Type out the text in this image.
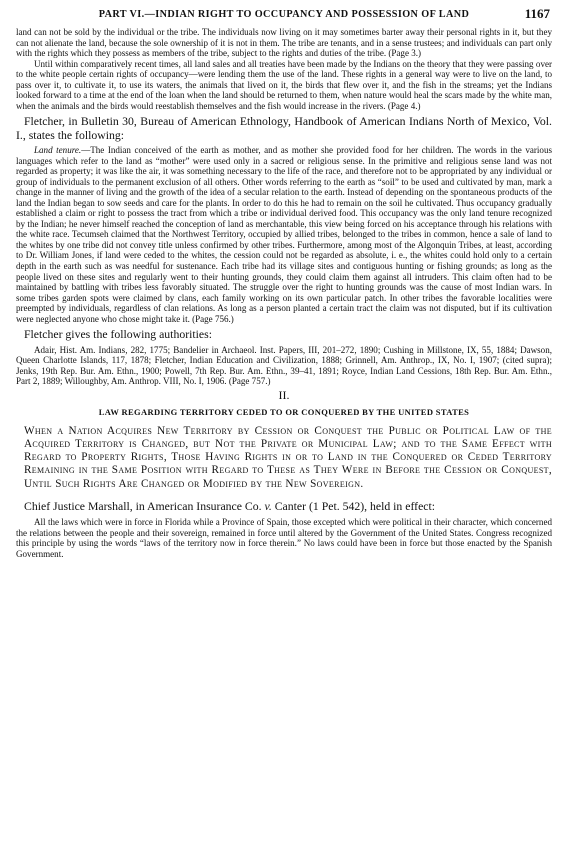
PART VI.—INDIAN RIGHT TO OCCUPANCY AND POSSESSION OF LAND	1167

land can not be sold by the individual or the tribe. The individuals now living on it may sometimes barter away their personal rights in it, but they can not alienate the land, because the sole ownership of it is not in them. The tribe are tenants, and in a sense trustees; and individuals can part only with the rights which they possess as members of the tribe, subject to the rights and duties of the tribe. (Page 3.)

Until within comparatively recent times, all land sales and all treaties have been made by the Indians on the theory that they were passing over to the white people certain rights of occupancy—were lending them the use of the land. These rights in a general way were to live on the land, to pass over it, to cultivate it, to use its waters, the animals that lived on it, the birds that flew over it, and the fish in the streams; yet the Indians looked forward to a time at the end of the loan when the land should be returned to them, when nature would heal the scars made by the white man, when the animals and the birds would reestablish themselves and the fish would increase in the rivers. (Page 4.)

Fletcher, in Bulletin 30, Bureau of American Ethnology, Handbook of American Indians North of Mexico, Vol. I., states the following:

Land tenure.—The Indian conceived of the earth as mother, and as mother she provided food for her children. The words in the various languages which refer to the land as “mother” were used only in a sacred or religious sense. In the primitive and religious sense land was not regarded as property; it was like the air, it was something necessary to the life of the race, and therefore not to be appropriated by any individual or group of individuals to the permanent exclusion of all others. Other words referring to the earth as “soil” to be used and cultivated by man, mark a change in the manner of living and the growth of the idea of a secular relation to the earth. Instead of depending on the spontaneous products of the land the Indian began to sow seeds and care for the plants. In order to do this he had to remain on the soil he cultivated. Thus occupancy gradually established a claim or right to possess the tract from which a tribe or individual derived food. This occupancy was the only land tenure recognized by the Indian; he never himself reached the conception of land as merchantable, this view being forced on his acceptance through his relations with the white race. Tecumseh claimed that the Northwest Territory, occupied by allied tribes, belonged to the tribes in common, hence a sale of land to the whites by one tribe did not convey title unless confirmed by other tribes. Furthermore, among most of the Algonquin Tribes, at least, according to Dr. William Jones, if land were ceded to the whites, the cession could not be regarded as absolute, i. e., the whites could hold only to a certain depth in the earth such as was needful for sustenance. Each tribe had its village sites and contiguous hunting or fishing grounds; as long as the people lived on these sites and regularly went to their hunting grounds, they could claim them against all intruders. This claim often had to be maintained by battling with tribes less favorably situated. The struggle over the right to hunting grounds was the cause of most Indian wars. In some tribes garden spots were claimed by clans, each family working on its own particular patch. In other tribes the favorable localities were preempted by individuals, regardless of clan relations. As long as a person planted a certain tract the claim was not disputed, but if its cultivation were neglected anyone who chose might take it. (Page 756.)

Fletcher gives the following authorities:

Adair, Hist. Am. Indians, 282, 1775; Bandelier in Archaeol. Inst. Papers, III, 201–272, 1890; Cushing in Millstone, IX, 55, 1884; Dawson, Queen Charlotte Islands, 117, 1878; Fletcher, Indian Education and Civilization, 1888; Grinnell, Am. Anthrop., IX, No. I, 1907; (cited supra); Jenks, 19th Rep. Bur. Am. Ethn., 1900; Powell, 7th Rep. Bur. Am. Ethn., 39–41, 1891; Royce, Indian Land Cessions, 18th Rep. Bur. Am. Ethn., Part 2, 1889; Willoughby, Am. Anthrop. VIII, No. I, 1906. (Page 757.)

II.
LAW REGARDING TERRITORY CEDED TO OR CONQUERED BY THE UNITED STATES

When a Nation Acquires New Territory by Cession or Conquest the Public or Political Law of the Acquired Territory is Changed, but Not the Private or Municipal Law; and to the Same Effect with Regard to Property Rights, Those Having Rights in or to Land in the Conquered or Ceded Territory Remaining in the Same Position with Regard to These as They Were in Before the Cession or Conquest, Until Such Rights Are Changed or Modified by the New Sovereign.

Chief Justice Marshall, in American Insurance Co. v. Canter (1 Pet. 542), held in effect:

All the laws which were in force in Florida while a Province of Spain, those excepted which were political in their character, which concerned the relations between the people and their sovereign, remained in force until altered by the Government of the United States. Congress recognized this principle by using the words “laws of the territory now in force therein.” No laws could have been in force but those enacted by the Spanish Government.
